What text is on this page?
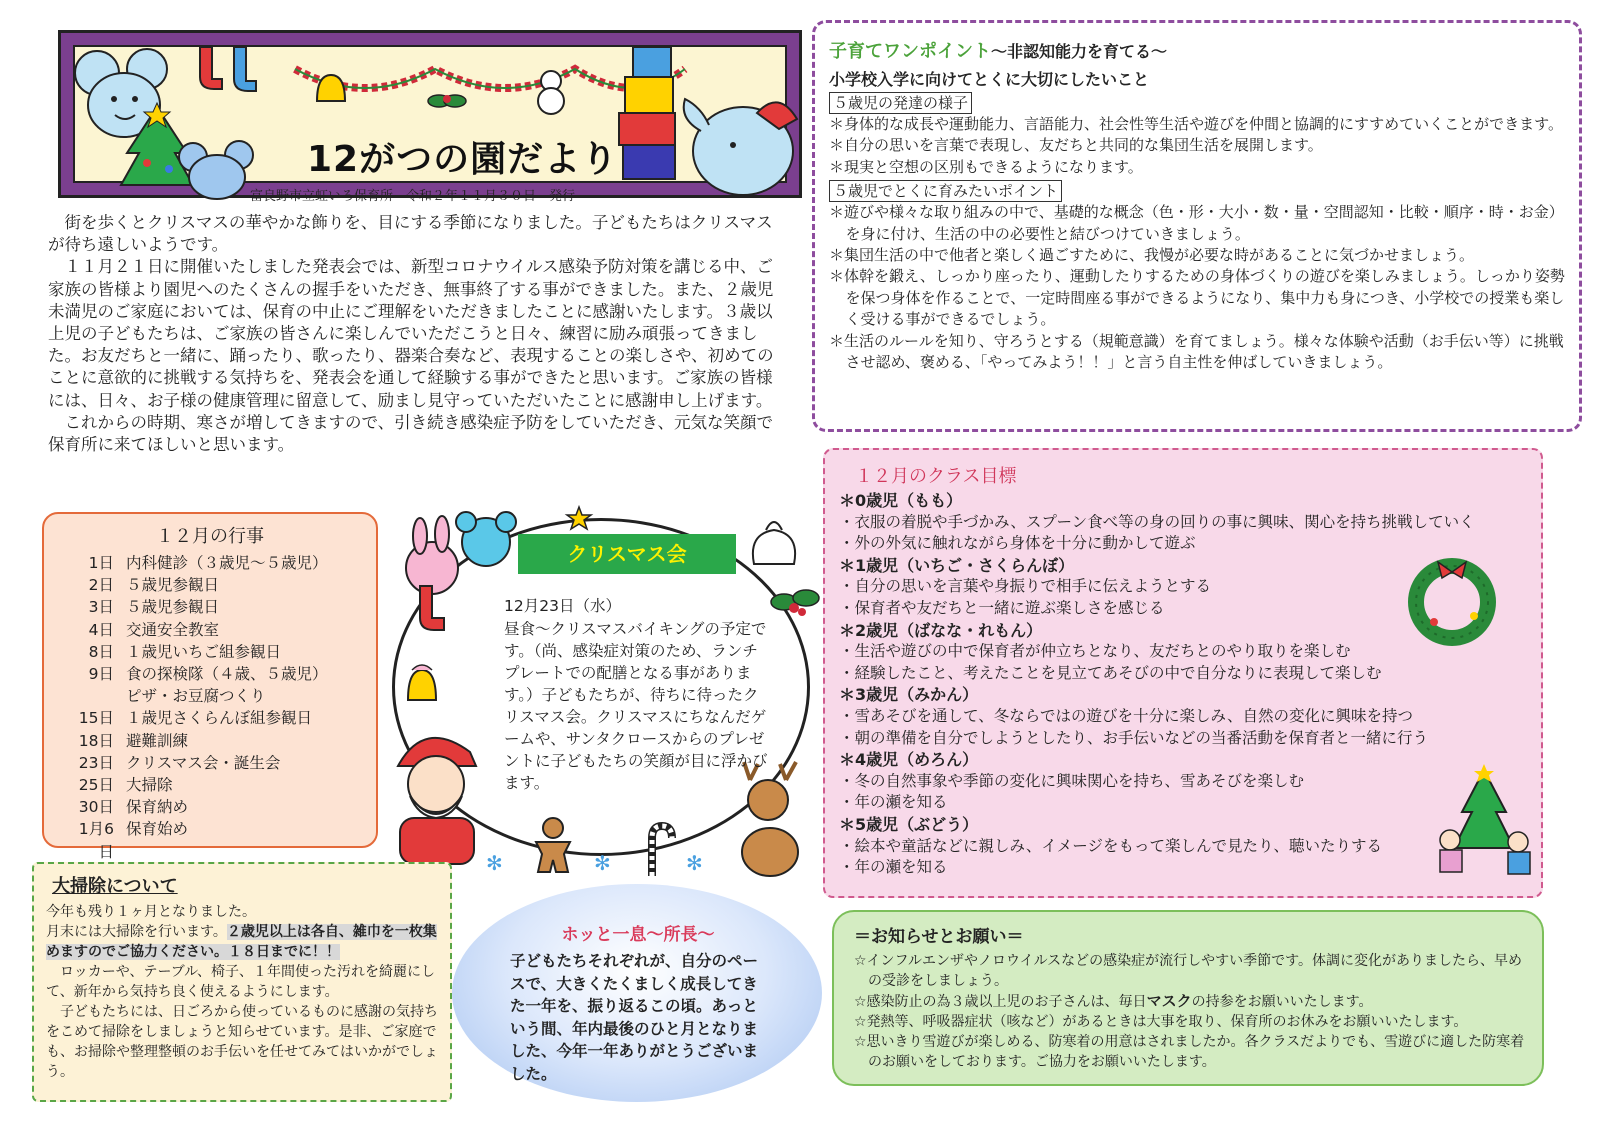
12がつの園だより
富良野市立虹いろ保育所　令和２年１１月３０日　発行

街を歩くとクリスマスの華やかな飾りを、目にする季節になりました。子どもたちはクリスマスが待ち遠しいようです。

１１月２１日に開催いたしました発表会では、新型コロナウイルス感染予防対策を講じる中、ご家族の皆様より園児へのたくさんの握手をいただき、無事終了する事ができました。また、２歳児未満児のご家庭においては、保育の中止にご理解をいただきましたことに感謝いたします。３歳以上児の子どもたちは、ご家族の皆さんに楽しんでいただこうと日々、練習に励み頑張ってきました。お友だちと一緒に、踊ったり、歌ったり、器楽合奏など、表現することの楽しさや、初めてのことに意欲的に挑戦する気持ちを、発表会を通して経験する事ができたと思います。ご家族の皆様には、日々、お子様の健康管理に留意して、励まし見守っていただいたことに感謝申し上げます。

これからの時期、寒さが増してきますので、引き続き感染症予防をしていただき、元気な笑顔で保育所に来てほしいと思います。

子育てワンポイント〜非認知能力を育てる〜
小学校入学に向けてとくに大切にしたいこと
５歳児の発達の様子
＊身体的な成長や運動能力、言語能力、社会性等生活や遊びを仲間と協調的にすすめていくことができます。
＊自分の思いを言葉で表現し、友だちと共同的な集団生活を展開します。
＊現実と空想の区別もできるようになります。
５歳児でとくに育みたいポイント
＊遊びや様々な取り組みの中で、基礎的な概念（色・形・大小・数・量・空間認知・比較・順序・時・お金）を身に付け、生活の中の必要性と結びつけていきましょう。
＊集団生活の中で他者と楽しく過ごすために、我慢が必要な時があることに気づかせましょう。
＊体幹を鍛え、しっかり座ったり、運動したりするための身体づくりの遊びを楽しみましょう。しっかり姿勢を保つ身体を作ることで、一定時間座る事ができるようになり、集中力も身につき、小学校での授業も楽しく受ける事ができるでしょう。
＊生活のルールを知り、守ろうとする（規範意識）を育てましょう。様々な体験や活動（お手伝い等）に挑戦させ認め、褒める、「やってみよう！！」と言う自主性を伸ばしていきましょう。
１２月の行事
1日 内科健診（３歳児〜５歳児）
2日 ５歳児参観日
3日 ５歳児参観日
4日 交通安全教室
8日 １歳児いちご組参観日
9日 食の探検隊（４歳、５歳児）
ピザ・お豆腐つくり
15日 １歳児さくらんぼ組参観日
18日 避難訓練
23日 クリスマス会・誕生会
25日 大掃除
30日 保育納め
1月6日
保育始め
✻	✻	✻
クリスマス会
12月23日（水）
昼食〜クリスマスバイキングの予定です。（尚、感染症対策のため、ランチプレートでの配膳となる事があります。）子どもたちが、待ちに待ったクリスマス会。クリスマスにちなんだゲームや、サンタクロースからのプレゼントに子どもたちの笑顔が目に浮かびます。
大掃除について
今年も残り１ヶ月となりました。
月末には大掃除を行います。２歳児以上は各自、雑巾を一枚集めますのでご協力ください。１８日までに！！
ロッカーや、テーブル、椅子、１年間使った汚れを綺麗にして、新年から気持ち良く使えるようにします。
子どもたちには、日ごろから使っているものに感謝の気持ちをこめて掃除をしましょうと知らせています。是非、ご家庭でも、お掃除や整理整頓のお手伝いを任せてみてはいかがでしょう。
ホッと一息〜所長〜
子どもたちそれぞれが、自分のペースで、大きくたくましく成長してきた一年を、振り返るこの頃。あっという間、年内最後のひと月となりました、今年一年ありがとうございました。
１２月のクラス目標
＊0歳児（もも）
・衣服の着脱や手づかみ、スプーン食べ等の身の回りの事に興味、関心を持ち挑戦していく
・外の外気に触れながら身体を十分に動かして遊ぶ
＊1歳児（いちご・さくらんぼ）
・自分の思いを言葉や身振りで相手に伝えようとする
・保育者や友だちと一緒に遊ぶ楽しさを感じる
＊2歳児（ばなな・れもん）
・生活や遊びの中で保育者が仲立ちとなり、友だちとのやり取りを楽しむ
・経験したこと、考えたことを見立てあそびの中で自分なりに表現して楽しむ
＊3歳児（みかん）
・雪あそびを通して、冬ならではの遊びを十分に楽しみ、自然の変化に興味を持つ
・朝の準備を自分でしようとしたり、お手伝いなどの当番活動を保育者と一緒に行う
＊4歳児（めろん）
・冬の自然事象や季節の変化に興味関心を持ち、雪あそびを楽しむ
・年の瀬を知る
＊5歳児（ぶどう）
・絵本や童話などに親しみ、イメージをもって楽しんで見たり、聴いたりする
・年の瀬を知る
＝お知らせとお願い＝
☆インフルエンザやノロウイルスなどの感染症が流行しやすい季節です。体調に変化がありましたら、早めの受診をしましょう。
☆感染防止の為３歳以上児のお子さんは、毎日マスクの持参をお願いいたします。
☆発熱等、呼吸器症状（咳など）があるときは大事を取り、保育所のお休みをお願いいたします。
☆思いきり雪遊びが楽しめる、防寒着の用意はされましたか。各クラスだよりでも、雪遊びに適した防寒着のお願いをしております。ご協力をお願いいたします。
